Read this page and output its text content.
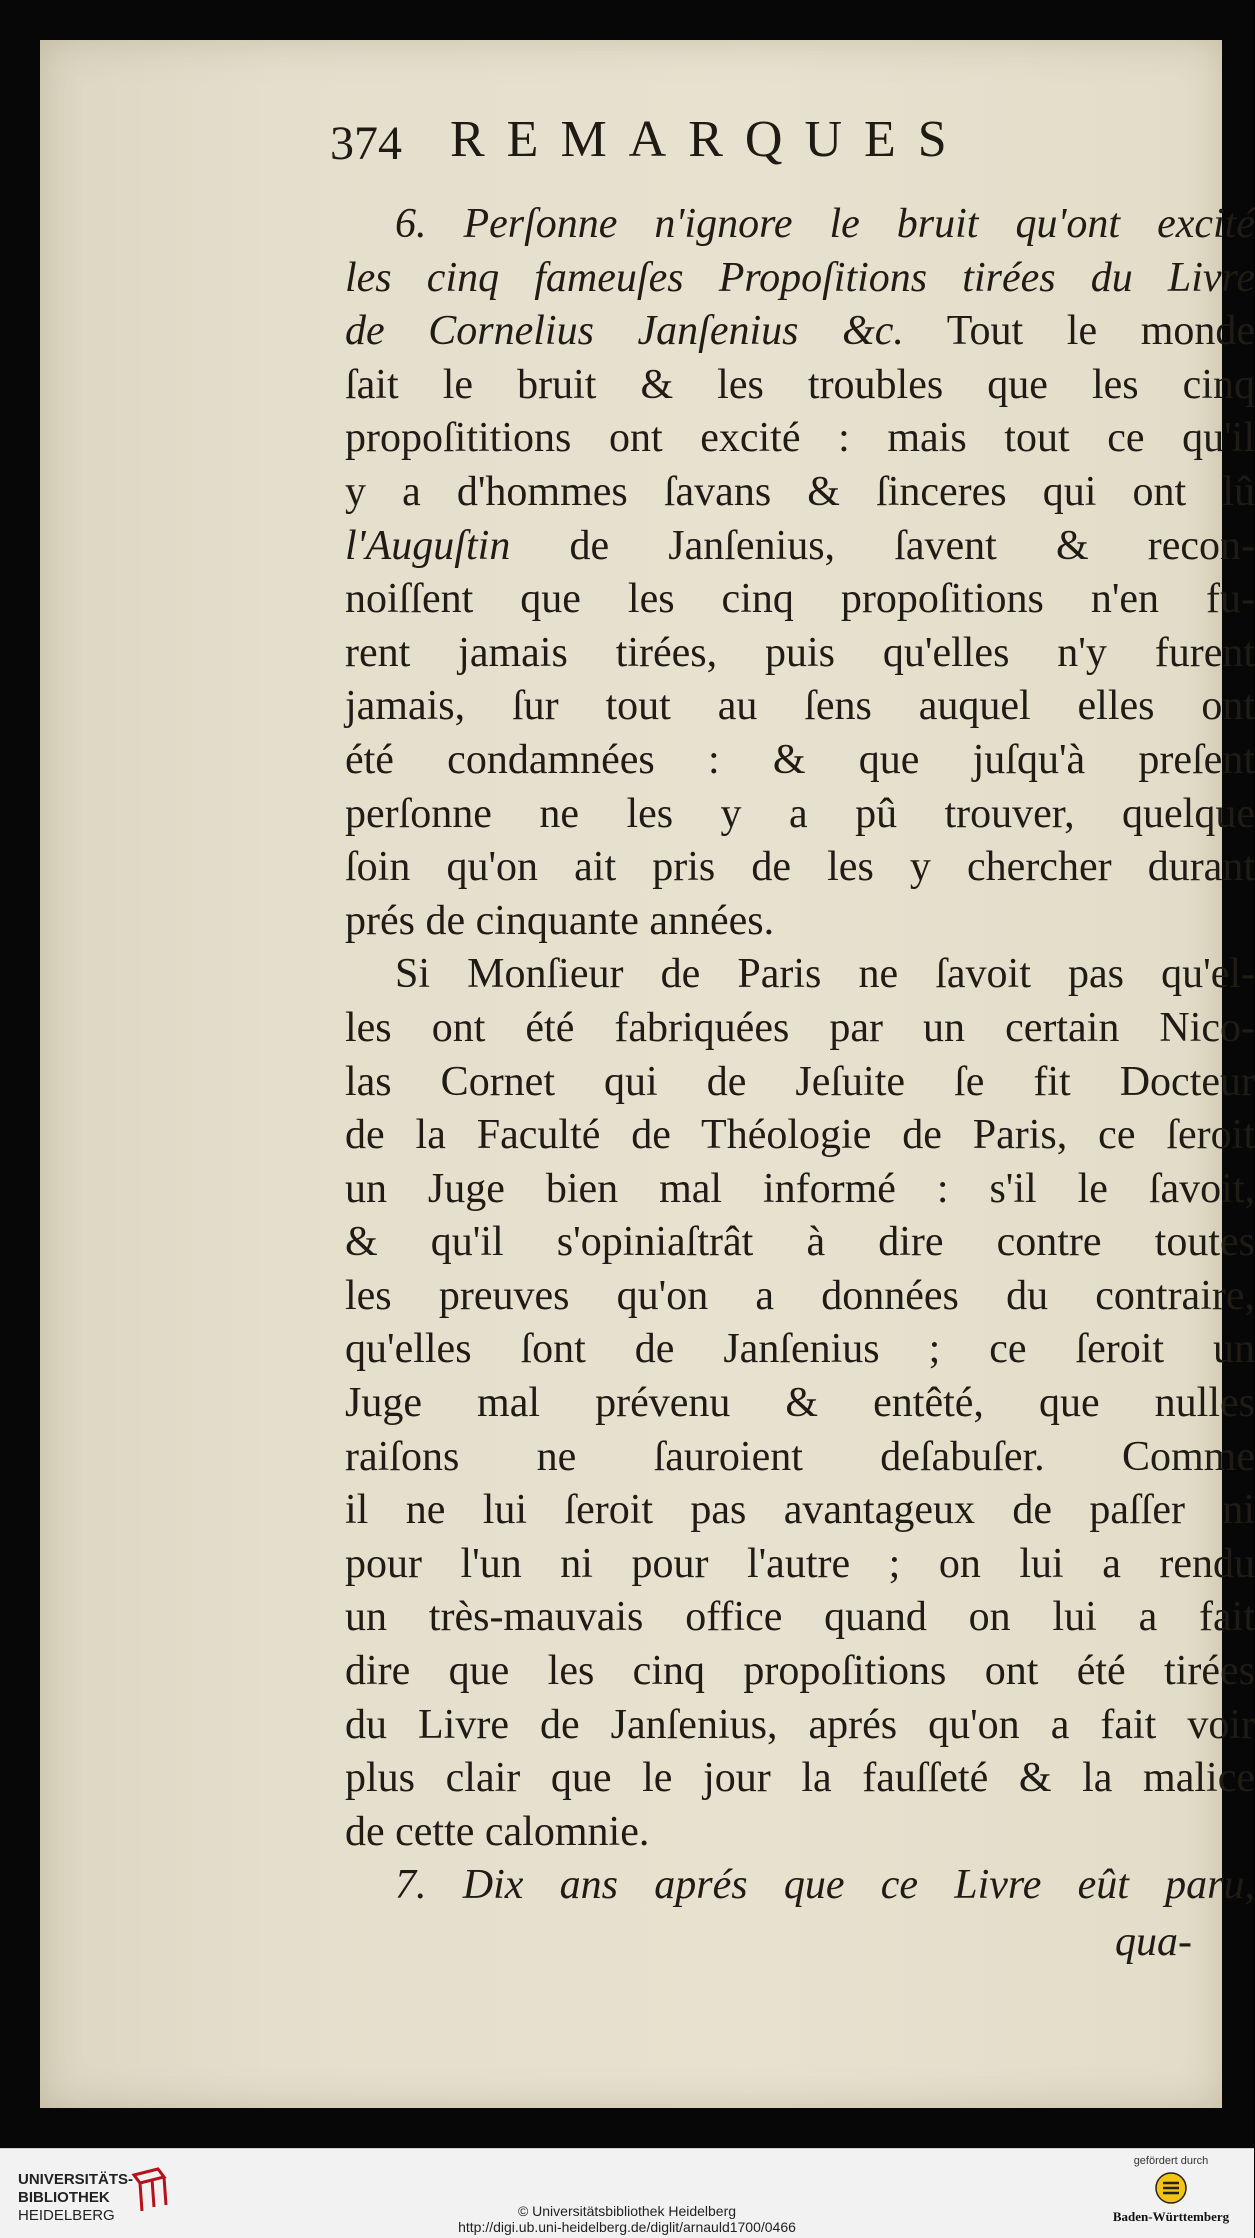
374 REMARQUES
6. Perſonne n'ignore le bruit qu'ont excité
les cinq fameuſes Propoſitions tirées du Livre
de Cornelius Janſenius &c. Tout le monde
ſait le bruit & les troubles que les cinq
propoſititions ont excité : mais tout ce qu'il
y a d'hommes ſavans & ſinceres qui ont lû
l'Auguſtin de Janſenius, ſavent & recon-
noiſſent que les cinq propoſitions n'en fu-
rent jamais tirées, puis qu'elles n'y furent
jamais, ſur tout au ſens auquel elles ont
été condamnées : & que juſqu'à preſent
perſonne ne les y a pû trouver, quelque
ſoin qu'on ait pris de les y chercher durant
prés de cinquante années.
Si Monſieur de Paris ne ſavoit pas qu'el-
les ont été fabriquées par un certain Nico-
las Cornet qui de Jeſuite ſe fit Docteur
de la Faculté de Théologie de Paris, ce ſeroit
un Juge bien mal informé : s'il le ſavoit,
& qu'il s'opiniaſtrât à dire contre toutes
les preuves qu'on a données du contraire,
qu'elles ſont de Janſenius ; ce ſeroit un
Juge mal prévenu & entêté, que nulles
raiſons ne ſauroient deſabuſer. Comme
il ne lui ſeroit pas avantageux de paſſer ni
pour l'un ni pour l'autre ; on lui a rendu
un très-mauvais office quand on lui a fait
dire que les cinq propoſitions ont été tirées
du Livre de Janſenius, aprés qu'on a fait voir
plus clair que le jour la fauſſeté & la malice
de cette calomnie.
7. Dix ans aprés que ce Livre eût paru,
qua-
UNIVERSITÄTS-
BIBLIOTHEK
HEIDELBERG	© Universitätsbibliothek Heidelberg
http://digi.ub.uni-heidelberg.de/diglit/arnauld1700/0466
gefördert durch
Baden-Württemberg
